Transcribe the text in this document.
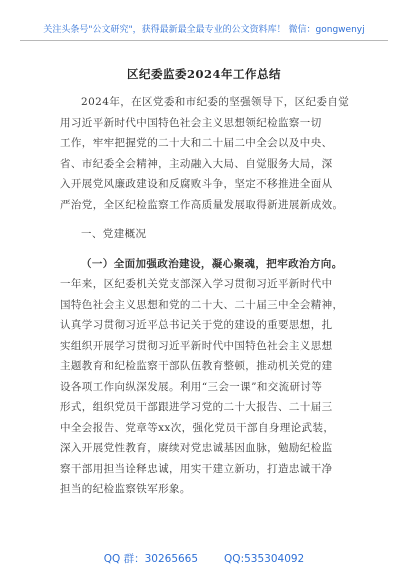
关注头条号"公文研究"，获得最新最全最专业的公文资料库！ 微信：gongwenyj
区纪委监委2024年工作总结
2024年，在区党委和市纪委的坚强领导下，区纪委自觉
用习近平新时代中国特色社会主义思想领纪检监察一切
工作，牢牢把握党的二十大和二十届二中全会以及中央、
省、市纪委全会精神，主动融入大局、自觉服务大局，深
入开展党风廉政建设和反腐败斗争，坚定不移推进全面从
严治党，全区纪检监察工作高质量发展取得新进展新成效。
一、党建概况
（一）全面加强政治建设，凝心聚魂，把牢政治方向。
一年来，区纪委机关党支部深入学习贯彻习近平新时代中
国特色社会主义思想和党的二十大、二十届三中全会精神，
认真学习贯彻习近平总书记关于党的建设的重要思想，扎
实组织开展学习贯彻习近平新时代中国特色社会主义思想
主题教育和纪检监察干部队伍教育整顿，推动机关党的建
设各项工作向纵深发展。利用“三会一课”和交流研讨等
形式，组织党员干部跟进学习党的二十大报告、二十届三
中全会报告、党章等xx次，强化党员干部自身理论武装，
深入开展党性教育，赓续对党忠诚基因血脉，勉励纪检监
察干部用担当诠释忠诚，用实干建立新功，打造忠诚干净
担当的纪检监察铁军形象。
QQ 群：30265665 QQ:535304092
